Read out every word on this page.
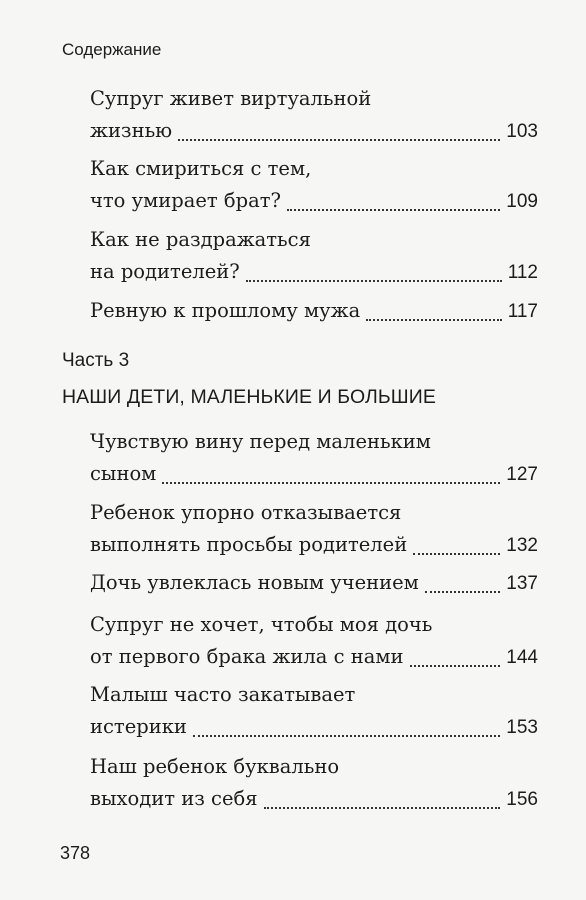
Содержание
Супруг живет виртуальной
жизнью	103
Как смириться с тем,
что умирает брат?	109
Как не раздражаться
на родителей?	112
Ревную к прошлому мужа	117
Часть 3
НАШИ ДЕТИ, МАЛЕНЬКИЕ И БОЛЬШИЕ
Чувствую вину перед маленьким
сыном	127
Ребенок упорно отказывается
выполнять просьбы родителей	132
Дочь увлеклась новым учением	137
Супруг не хочет, чтобы моя дочь
от первого брака жила с нами	144
Малыш часто закатывает
истерики	153
Наш ребенок буквально
выходит из себя	156
378
